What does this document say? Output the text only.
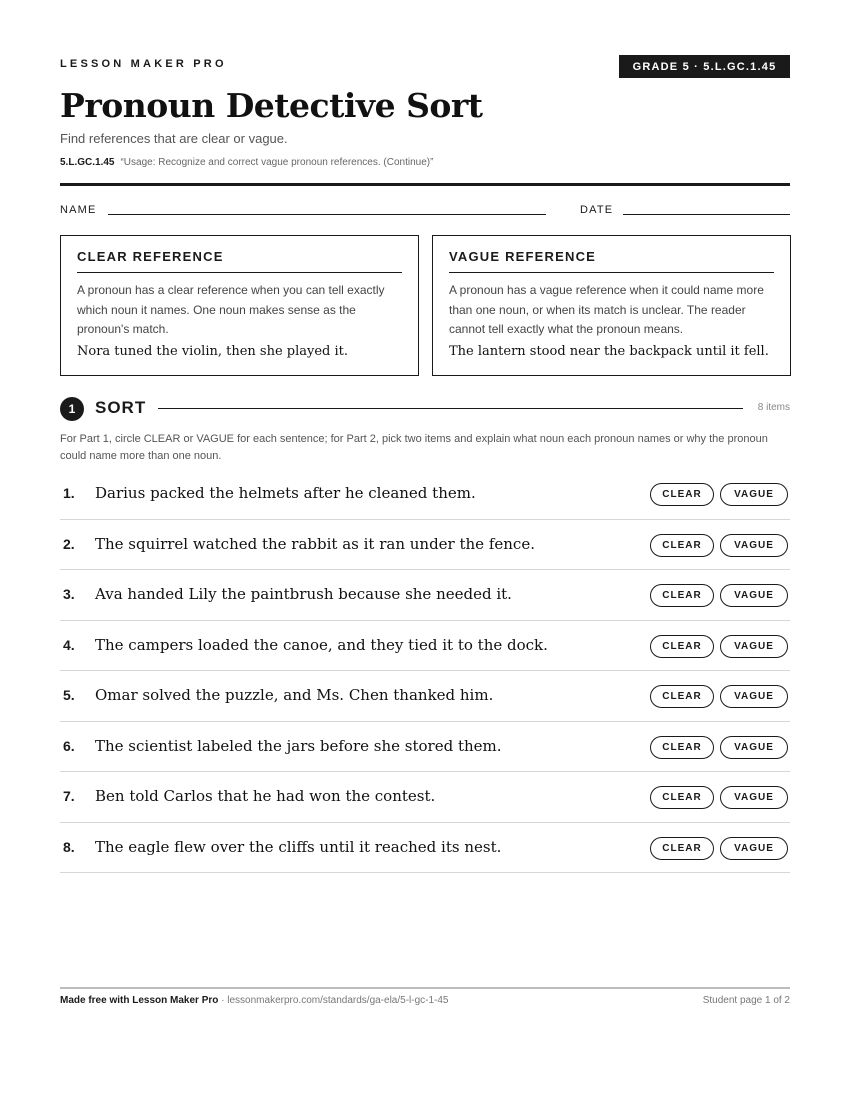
LESSON MAKER PRO	GRADE 5 · 5.L.GC.1.45
Pronoun Detective Sort
Find references that are clear or vague.
5.L.GC.1.45 “Usage: Recognize and correct vague pronoun references. (Continue)”
NAME	DATE
CLEAR REFERENCE
A pronoun has a clear reference when you can tell exactly which noun it names. One noun makes sense as the pronoun's match.
Nora tuned the violin, then she played it.
VAGUE REFERENCE
A pronoun has a vague reference when it could name more than one noun, or when its match is unclear. The reader cannot tell exactly what the pronoun means.
The lantern stood near the backpack until it fell.
1	SORT	8 items
For Part 1, circle CLEAR or VAGUE for each sentence; for Part 2, pick two items and explain what noun each pronoun names or why the pronoun could name more than one noun.
1. Darius packed the helmets after he cleaned them.	CLEAR	VAGUE
2. The squirrel watched the rabbit as it ran under the fence.	CLEAR	VAGUE
3. Ava handed Lily the paintbrush because she needed it.	CLEAR	VAGUE
4. The campers loaded the canoe, and they tied it to the dock.	CLEAR	VAGUE
5. Omar solved the puzzle, and Ms. Chen thanked him.	CLEAR	VAGUE
6. The scientist labeled the jars before she stored them.	CLEAR	VAGUE
7. Ben told Carlos that he had won the contest.	CLEAR	VAGUE
8. The eagle flew over the cliffs until it reached its nest.	CLEAR	VAGUE
Made free with Lesson Maker Pro · lessonmakerpro.com/standards/ga-ela/5-l-gc-1-45	Student page 1 of 2
